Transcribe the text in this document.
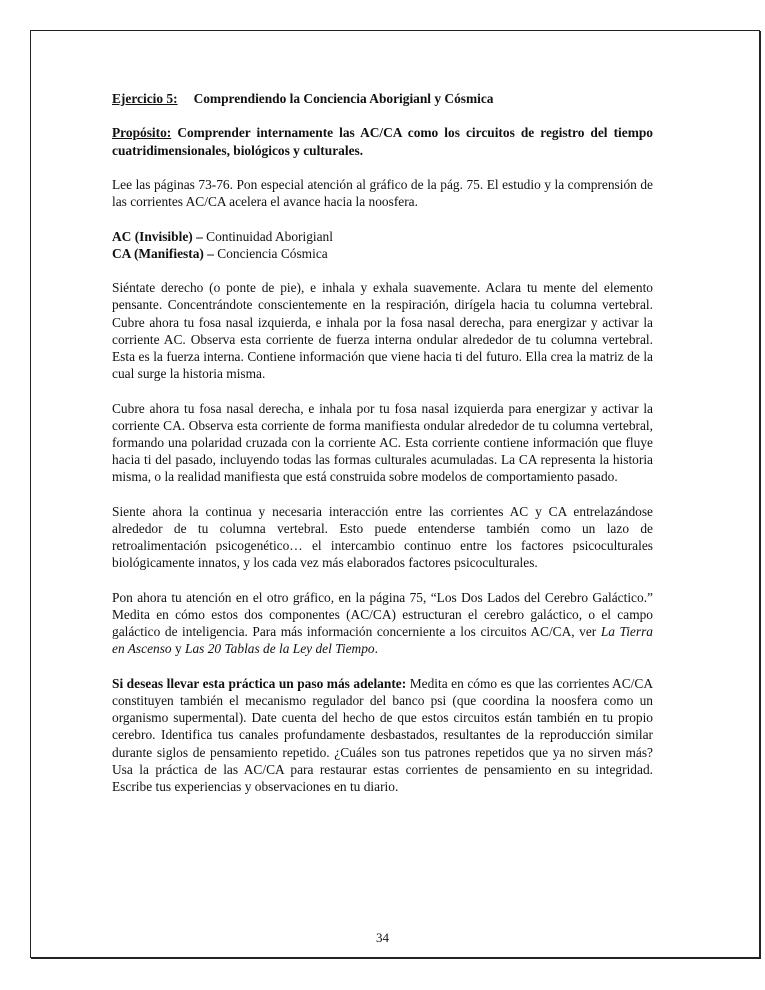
Ejercicio 5: Comprendiendo la Conciencia Aborigianl y Cósmica

Propósito: Comprender internamente las AC/CA como los circuitos de registro del tiempo cuatridimensionales, biológicos y culturales.

Lee las páginas 73-76. Pon especial atención al gráfico de la pág. 75. El estudio y la comprensión de las corrientes AC/CA acelera el avance hacia la noosfera.

AC (Invisible) – Continuidad Aborigianl
CA (Manifiesta) – Conciencia Cósmica

Siéntate derecho (o ponte de pie), e inhala y exhala suavemente. Aclara tu mente del elemento pensante. Concentrándote conscientemente en la respiración, dirígela hacia tu columna vertebral. Cubre ahora tu fosa nasal izquierda, e inhala por la fosa nasal derecha, para energizar y activar la corriente AC. Observa esta corriente de fuerza interna ondular alrededor de tu columna vertebral. Esta es la fuerza interna. Contiene información que viene hacia ti del futuro. Ella crea la matriz de la cual surge la historia misma.

Cubre ahora tu fosa nasal derecha, e inhala por tu fosa nasal izquierda para energizar y activar la corriente CA. Observa esta corriente de forma manifiesta ondular alrededor de tu columna vertebral, formando una polaridad cruzada con la corriente AC. Esta corriente contiene información que fluye hacia ti del pasado, incluyendo todas las formas culturales acumuladas. La CA representa la historia misma, o la realidad manifiesta que está construida sobre modelos de comportamiento pasado.

Siente ahora la continua y necesaria interacción entre las corrientes AC y CA entrelazándose alrededor de tu columna vertebral. Esto puede entenderse también como un lazo de retroalimentación psicogenético… el intercambio continuo entre los factores psicoculturales biológicamente innatos, y los cada vez más elaborados factores psicoculturales.

Pon ahora tu atención en el otro gráfico, en la página 75, “Los Dos Lados del Cerebro Galáctico.” Medita en cómo estos dos componentes (AC/CA) estructuran el cerebro galáctico, o el campo galáctico de inteligencia. Para más información concerniente a los circuitos AC/CA, ver La Tierra en Ascenso y Las 20 Tablas de la Ley del Tiempo.

Si deseas llevar esta práctica un paso más adelante: Medita en cómo es que las corrientes AC/CA constituyen también el mecanismo regulador del banco psi (que coordina la noosfera como un organismo supermental). Date cuenta del hecho de que estos circuitos están también en tu propio cerebro. Identifica tus canales profundamente desbastados, resultantes de la reproducción similar durante siglos de pensamiento repetido. ¿Cuáles son tus patrones repetidos que ya no sirven más? Usa la práctica de las AC/CA para restaurar estas corrientes de pensamiento en su integridad. Escribe tus experiencias y observaciones en tu diario.

34
